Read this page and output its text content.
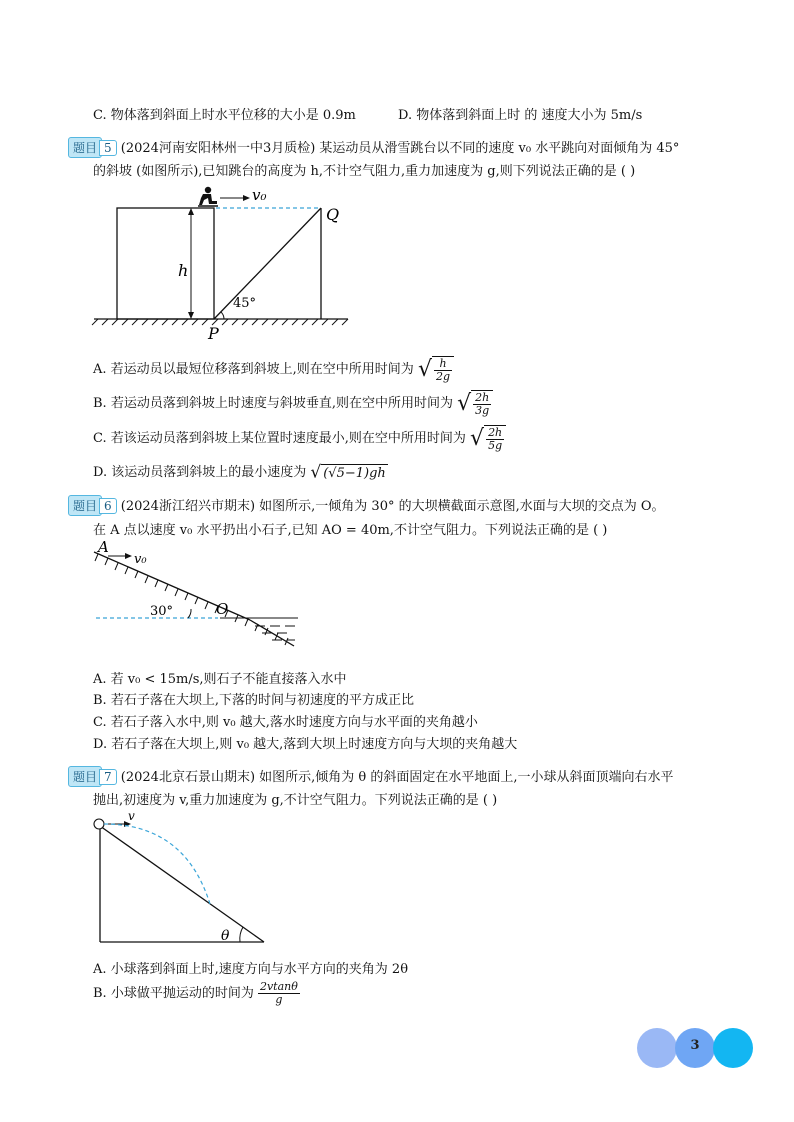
C. 物体落到斜面上时水平位移的大小是 0.9m	D. 物体落到斜面上时 的 速度大小为 5m/s
题目 5 (2024河南安阳林州一中3月质检) 某运动员从滑雪跳台以不同的速度 v₀ 水平跳向对面倾角为 45°
的斜坡 (如图所示),已知跳台的高度为 h,不计空气阻力,重力加速度为 g,则下列说法正确的是 ( )
v₀
Q
h
P
45°
A. 若运动员以最短位移落到斜坡上,则在空中所用时间为 √ $\frac{h}{2g}$
B. 若运动员落到斜坡上时速度与斜坡垂直,则在空中所用时间为 √ $\frac{2h}{3g}$
C. 若该运动员落到斜坡上某位置时速度最小,则在空中所用时间为 √ $\frac{2h}{5g}$
D. 该运动员落到斜坡上的最小速度为 √ (√5−1)gh
题目 6 (2024浙江绍兴市期末) 如图所示,一倾角为 30° 的大坝横截面示意图,水面与大坝的交点为 O。
在 A 点以速度 v₀ 水平扔出小石子,已知 AO = 40m,不计空气阻力。下列说法正确的是 ( )
A
v₀
30°	O
A. 若 v₀ < 15m/s,则石子不能直接落入水中
B. 若石子落在大坝上,下落的时间与初速度的平方成正比
C. 若石子落入水中,则 v₀ 越大,落水时速度方向与水平面的夹角越小
D. 若石子落在大坝上,则 v₀ 越大,落到大坝上时速度方向与大坝的夹角越大
题目 7 (2024北京石景山期末) 如图所示,倾角为 θ 的斜面固定在水平地面上,一小球从斜面顶端向右水平
抛出,初速度为 v,重力加速度为 g,不计空气阻力。下列说法正确的是 ( )
v
θ
A. 小球落到斜面上时,速度方向与水平方向的夹角为 2θ
B. 小球做平抛运动的时间为 $\frac{2vtan\theta}{g}$
3
